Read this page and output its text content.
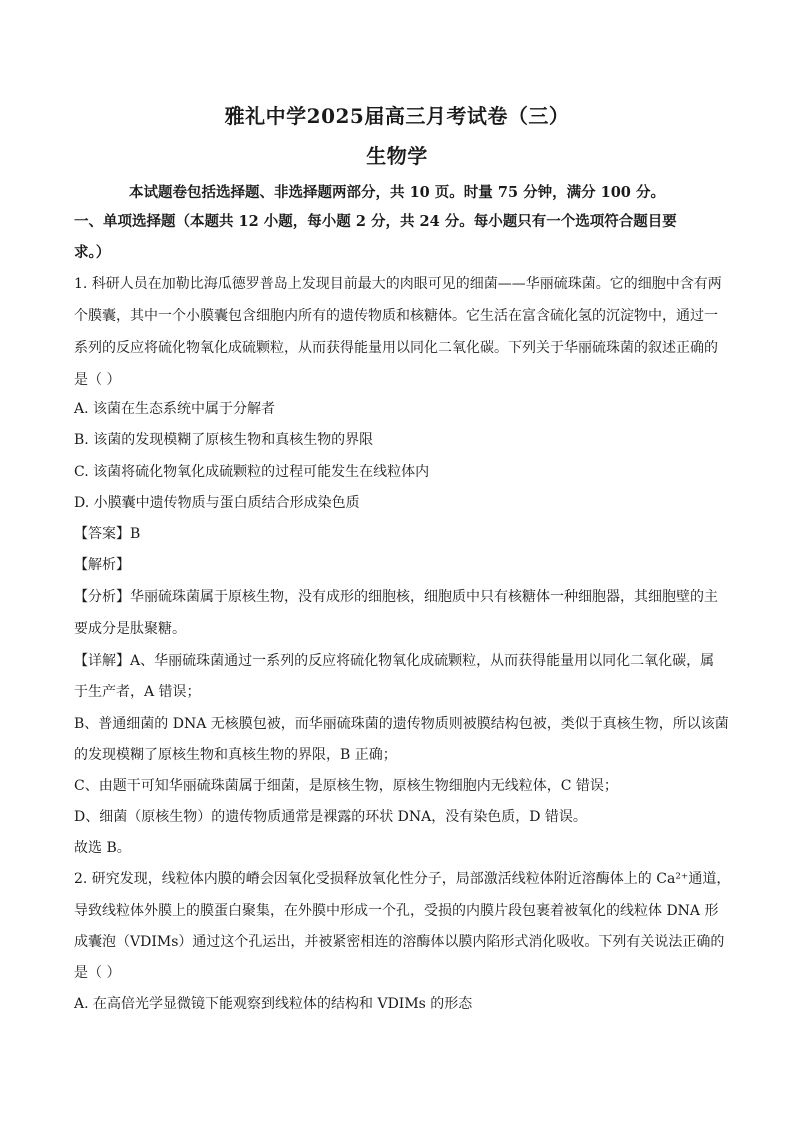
雅礼中学2025届高三月考试卷（三）
生物学
本试题卷包括选择题、非选择题两部分，共 10 页。时量 75 分钟，满分 100 分。
一、单项选择题（本题共 12 小题，每小题 2 分，共 24 分。每小题只有一个选项符合题目要
求。）
1. 科研人员在加勒比海瓜德罗普岛上发现目前最大的肉眼可见的细菌——华丽硫珠菌。它的细胞中含有两
个膜囊，其中一个小膜囊包含细胞内所有的遗传物质和核糖体。它生活在富含硫化氢的沉淀物中，通过一
系列的反应将硫化物氧化成硫颗粒，从而获得能量用以同化二氧化碳。下列关于华丽硫珠菌的叙述正确的
是（ ）
A. 该菌在生态系统中属于分解者
B. 该菌的发现模糊了原核生物和真核生物的界限
C. 该菌将硫化物氧化成硫颗粒的过程可能发生在线粒体内
D. 小膜囊中遗传物质与蛋白质结合形成染色质
【答案】B
【解析】
【分析】华丽硫珠菌属于原核生物，没有成形的细胞核，细胞质中只有核糖体一种细胞器，其细胞壁的主
要成分是肽聚糖。
【详解】A、华丽硫珠菌通过一系列的反应将硫化物氧化成硫颗粒，从而获得能量用以同化二氧化碳，属
于生产者，A 错误；
B、普通细菌的 DNA 无核膜包被，而华丽硫珠菌的遗传物质则被膜结构包被，类似于真核生物，所以该菌
的发现模糊了原核生物和真核生物的界限，B 正确；
C、由题干可知华丽硫珠菌属于细菌，是原核生物，原核生物细胞内无线粒体，C 错误；
D、细菌（原核生物）的遗传物质通常是裸露的环状 DNA，没有染色质，D 错误。
故选 B。
2. 研究发现，线粒体内膜的嵴会因氧化受损释放氧化性分子，局部激活线粒体附近溶酶体上的 Ca²⁺通道，
导致线粒体外膜上的膜蛋白聚集，在外膜中形成一个孔，受损的内膜片段包裹着被氧化的线粒体 DNA 形
成囊泡（VDIMs）通过这个孔运出，并被紧密相连的溶酶体以膜内陷形式消化吸收。下列有关说法正确的
是（ ）
A. 在高倍光学显微镜下能观察到线粒体的结构和 VDIMs 的形态
